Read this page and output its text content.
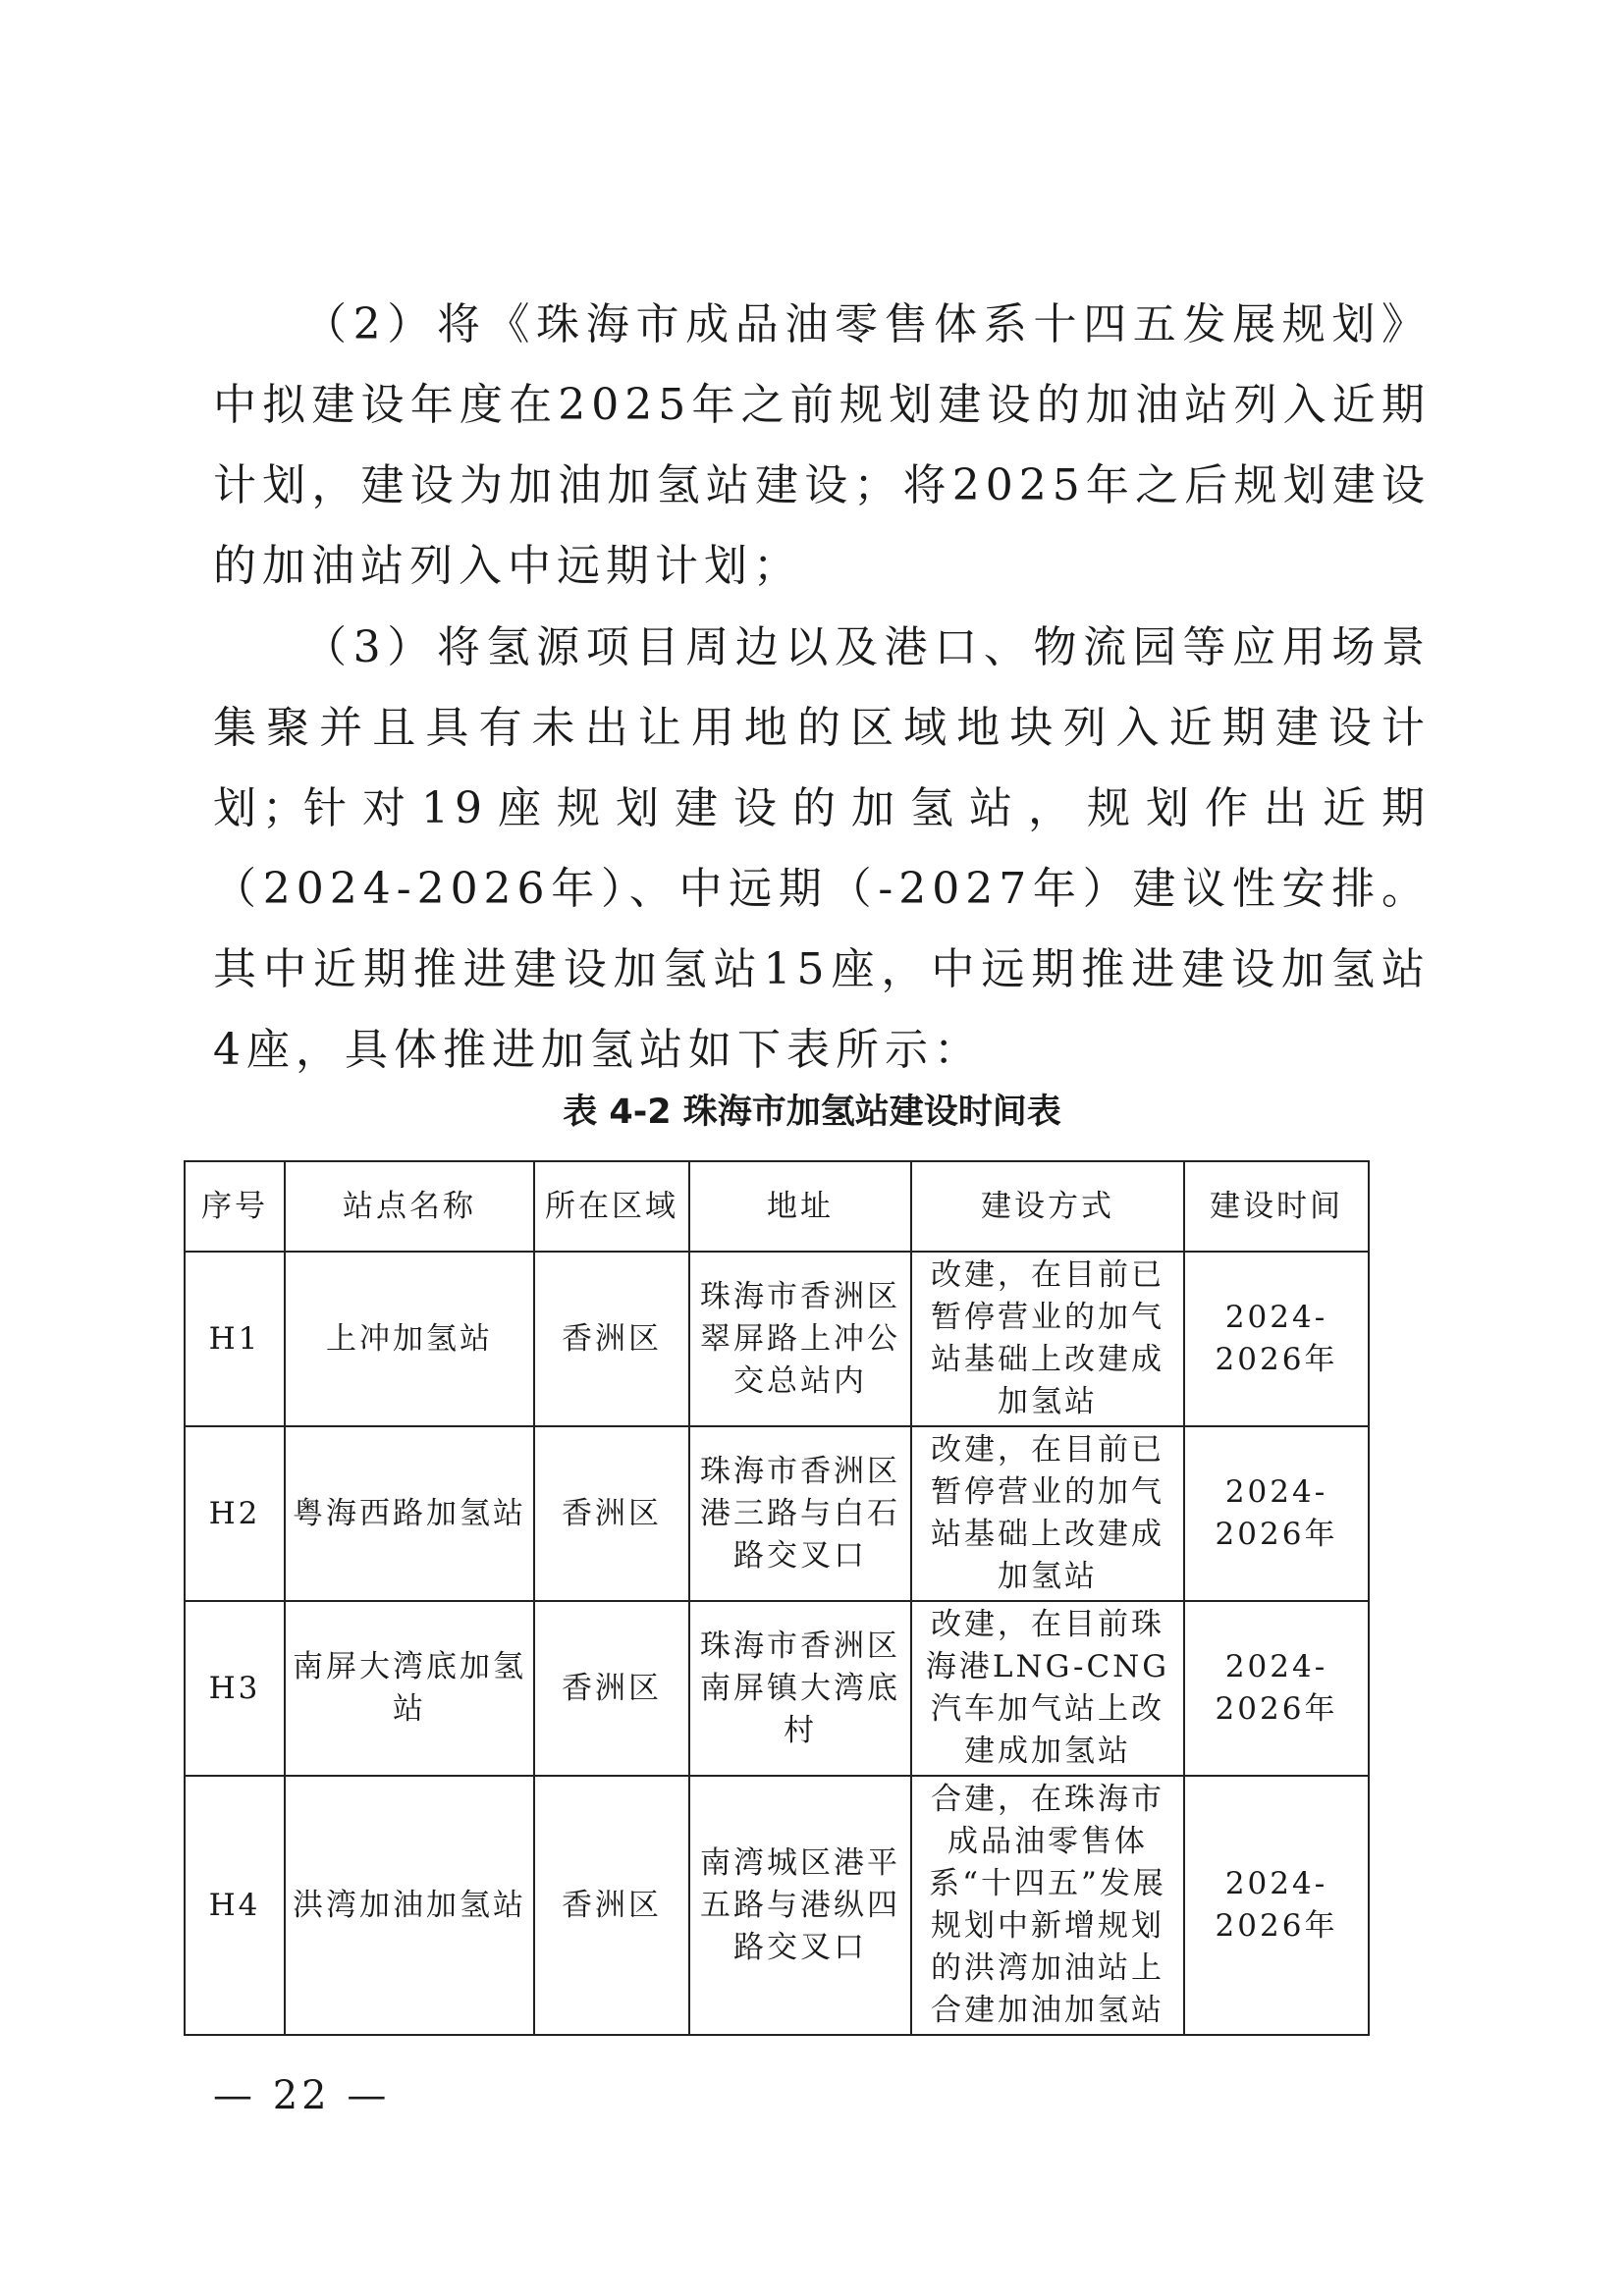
（2）将《珠海市成品油零售体系十四五发展规划》中拟建设年度在2025年之前规划建设的加油站列入近期计划，建设为加油加氢站建设；将2025年之后规划建设的加油站列入中远期计划；

（3）将氢源项目周边以及港口、物流园等应用场景集聚并且具有未出让用地的区域地块列入近期建设计划；

针对19座规划建设的加氢站，规划作出近期（2024-2026年）、中远期（-2027年）建议性安排。其中近期推进建设加氢站15座，中远期推进建设加氢站4座，具体推进加氢站如下表所示：

表 4-2 珠海市加氢站建设时间表

序号	站点名称	所在区域	地址	建设方式	建设时间
H1	上冲加氢站	香洲区	珠海市香洲区翠屏路上冲公交总站内	改建，在目前已暂停营业的加气站基础上改建成加氢站	2024-2026年
H2	粤海西路加氢站	香洲区	珠海市香洲区港三路与白石路交叉口	改建，在目前已暂停营业的加气站基础上改建成加氢站	2024-2026年
H3	南屏大湾底加氢站	香洲区	珠海市香洲区南屏镇大湾底村	改建，在目前珠海港LNG-CNG汽车加气站上改建成加氢站	2024-2026年
H4	洪湾加油加氢站	香洲区	南湾城区港平五路与港纵四路交叉口	合建，在珠海市成品油零售体系“十四五”发展规划中新增规划的洪湾加油站上合建加油加氢站	2024-2026年

— 22 —
